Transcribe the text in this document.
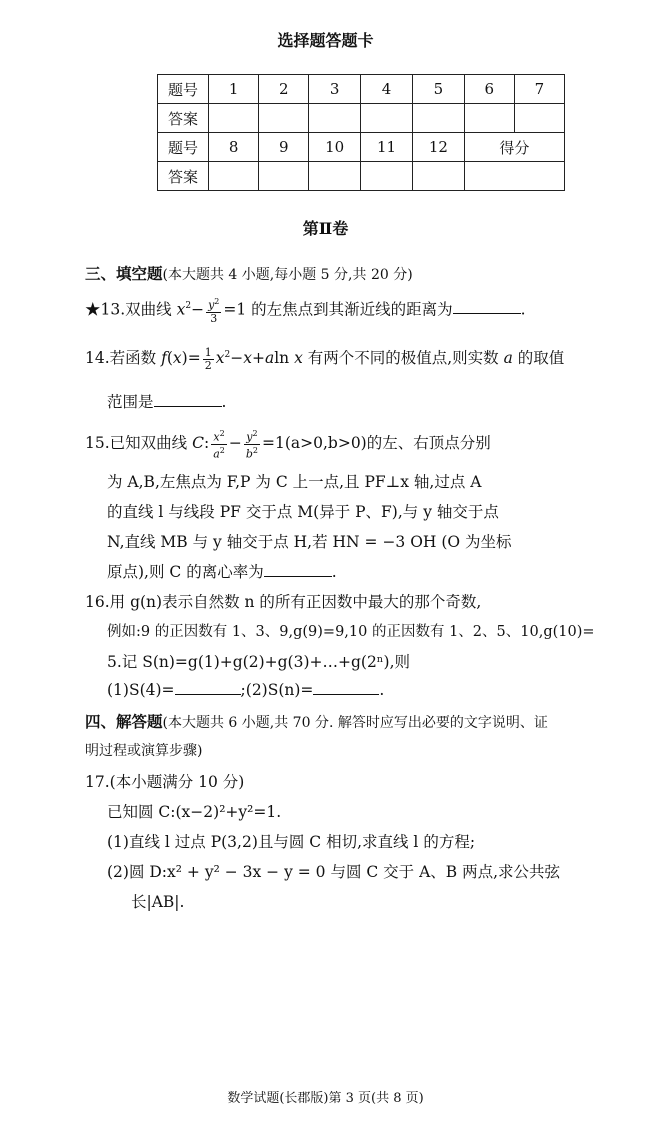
选择题答题卡
题号	1	2	3	4	5	6	7
答案							
题号	8	9	10	11	12	得分	
答案							
第Ⅱ卷
三、填空题(本大题共 4 小题,每小题 5 分,共 20 分)
★13.双曲线 $x^2- \frac{y^2}{3} =1$ 的左焦点到其渐近线的距离为	.
14.若函数 $f(x)= \frac{1}{2} x^2-x+aln$ x 有两个不同的极值点,则实数 a 的取值
范围是	.
15.已知双曲线 C: $\frac{x^2}{a^2} - \frac{y^2}{b^2} =1(a>0,b>0)$的左、右顶点分别
为 A,B,左焦点为 F,P 为 C 上一点,且 PF⊥x 轴,过点 A
的直线 l 与线段 PF 交于点 M(异于 P、F),与 y 轴交于点
N,直线 MB 与 y 轴交于点 H,若 HN = −3 OH (O 为坐标
原点),则 C 的离心率为	.
16.用 g(n)表示自然数 n 的所有正因数中最大的那个奇数,
例如:9 的正因数有 1、3、9,g(9)=9,10 的正因数有 1、2、5、10,g(10)=
5.记 S(n)=g(1)+g(2)+g(3)+…+g(2ⁿ),则
(1)S(4)=	;(2)S(n)=	.
四、解答题(本大题共 6 小题,共 70 分. 解答时应写出必要的文字说明、证
明过程或演算步骤)
17.(本小题满分 10 分)
已知圆 C:(x−2)²+y²=1.
(1)直线 l 过点 P(3,2)且与圆 C 相切,求直线 l 的方程;
(2)圆 D:x² + y² − 3x − y = 0 与圆 C 交于 A、B 两点,求公共弦
长|AB|.
数学试题(长郡版)第 3 页(共 8 页)
